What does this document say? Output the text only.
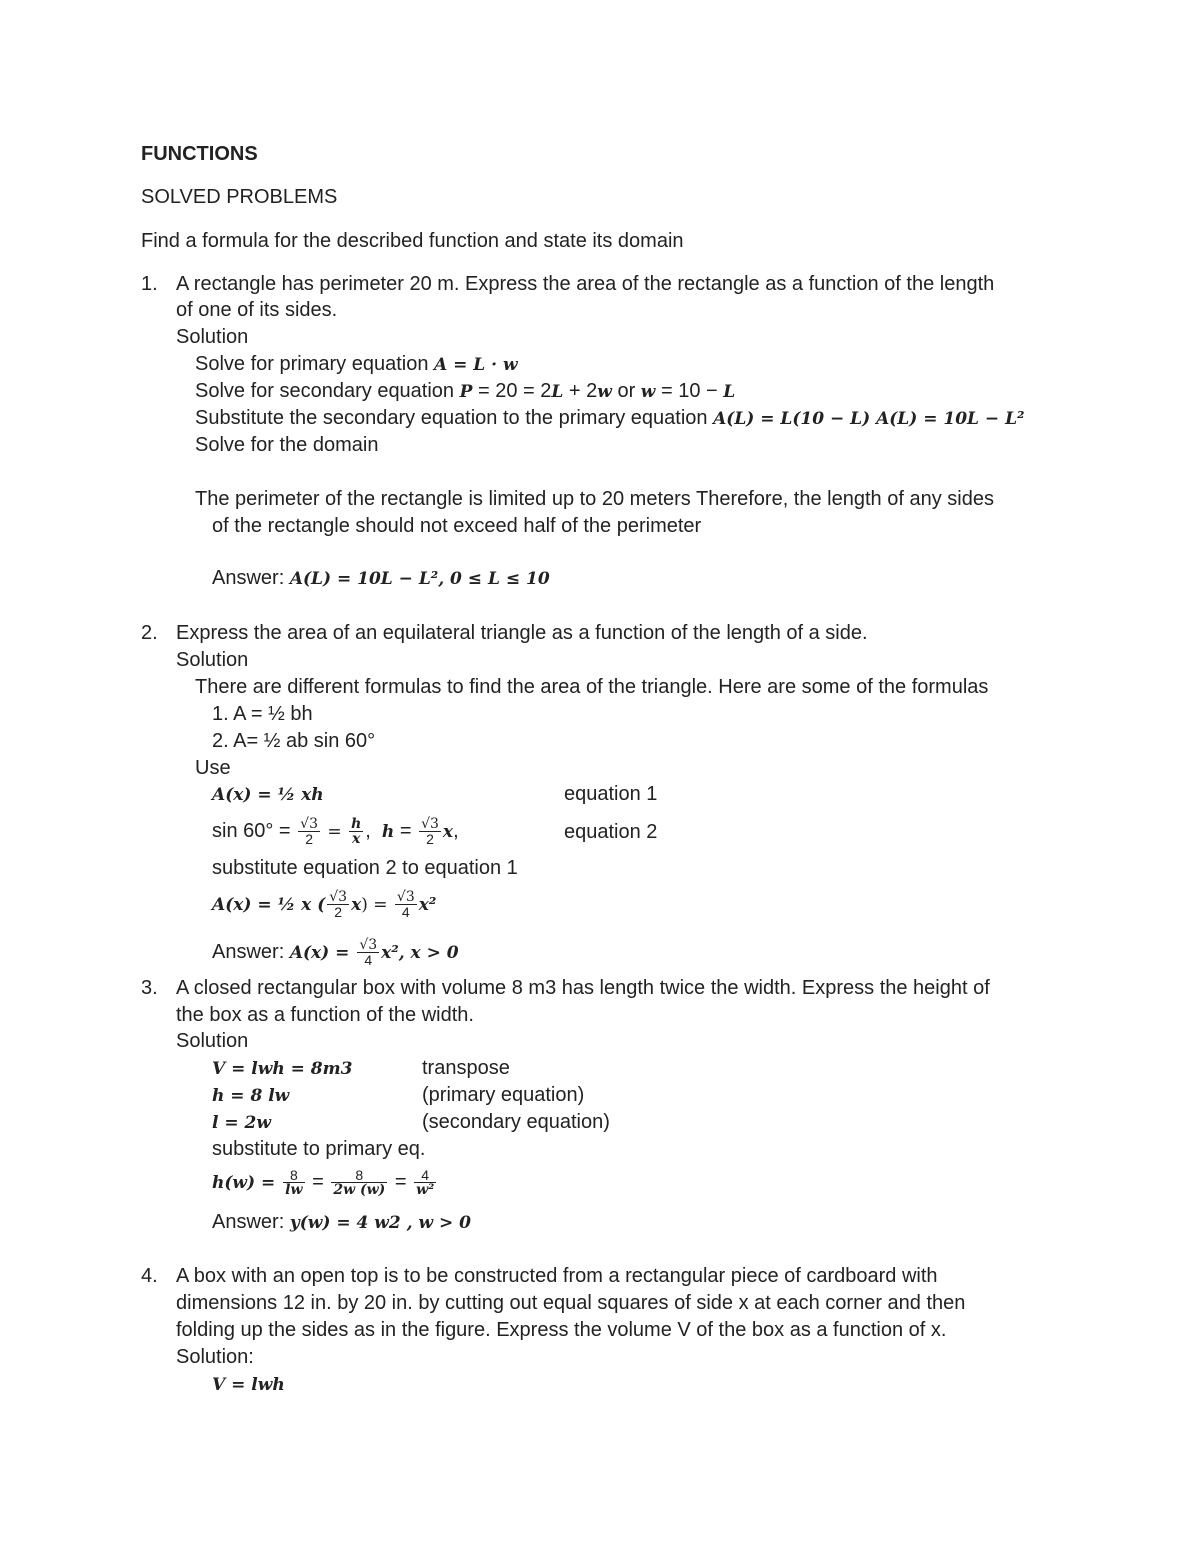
FUNCTIONS
SOLVED PROBLEMS
Find a formula for the described function and state its domain
1. A rectangle has perimeter 20 m. Express the area of the rectangle as a function of the length
of one of its sides.
Solution
Solve for primary equation A = L · w
Solve for secondary equation P = 20 = 2L + 2w or w = 10 − L
Substitute the secondary equation to the primary equation A(L) = L(10 − L) A(L) = 10L − L²
Solve for the domain
The perimeter of the rectangle is limited up to 20 meters Therefore, the length of any sides
of the rectangle should not exceed half of the perimeter
Answer: A(L) = 10L − L², 0 ≤ L ≤ 10
2. Express the area of an equilateral triangle as a function of the length of a side.
Solution
There are different formulas to find the area of the triangle. Here are some of the formulas
1. A = ½ bh
2. A= ½ ab sin 60°
Use
A(x) = ½ xh	equation 1
$\sin 60^\circ = \frac{√3}{2} = \frac{h}{x}$ ,  $h = \frac{√3}{2} x$,	equation 2
substitute equation 2 to equation 1
A(x) = ½ x ( $\frac{√3}{2} x) = \frac{√3}{4} x^2$
Answer: $A(x) = \frac{√3}{4} x^2$, x > 0
3. A closed rectangular box with volume 8 m3 has length twice the width. Express the height of
the box as a function of the width.
Solution
V = lwh = 8m3	transpose
h = 8 lw	(primary equation)
l = 2w	(secondary equation)
substitute to primary eq.
$h(w) = \frac{8}{lw} = \frac{8}{2w (w)} = \frac{4}{\text{w²}}$
Answer: y(w) = 4 w2 , w > 0
4. A box with an open top is to be constructed from a rectangular piece of cardboard with
dimensions 12 in. by 20 in. by cutting out equal squares of side x at each corner and then
folding up the sides as in the figure. Express the volume V of the box as a function of x.
Solution:
V = lwh
